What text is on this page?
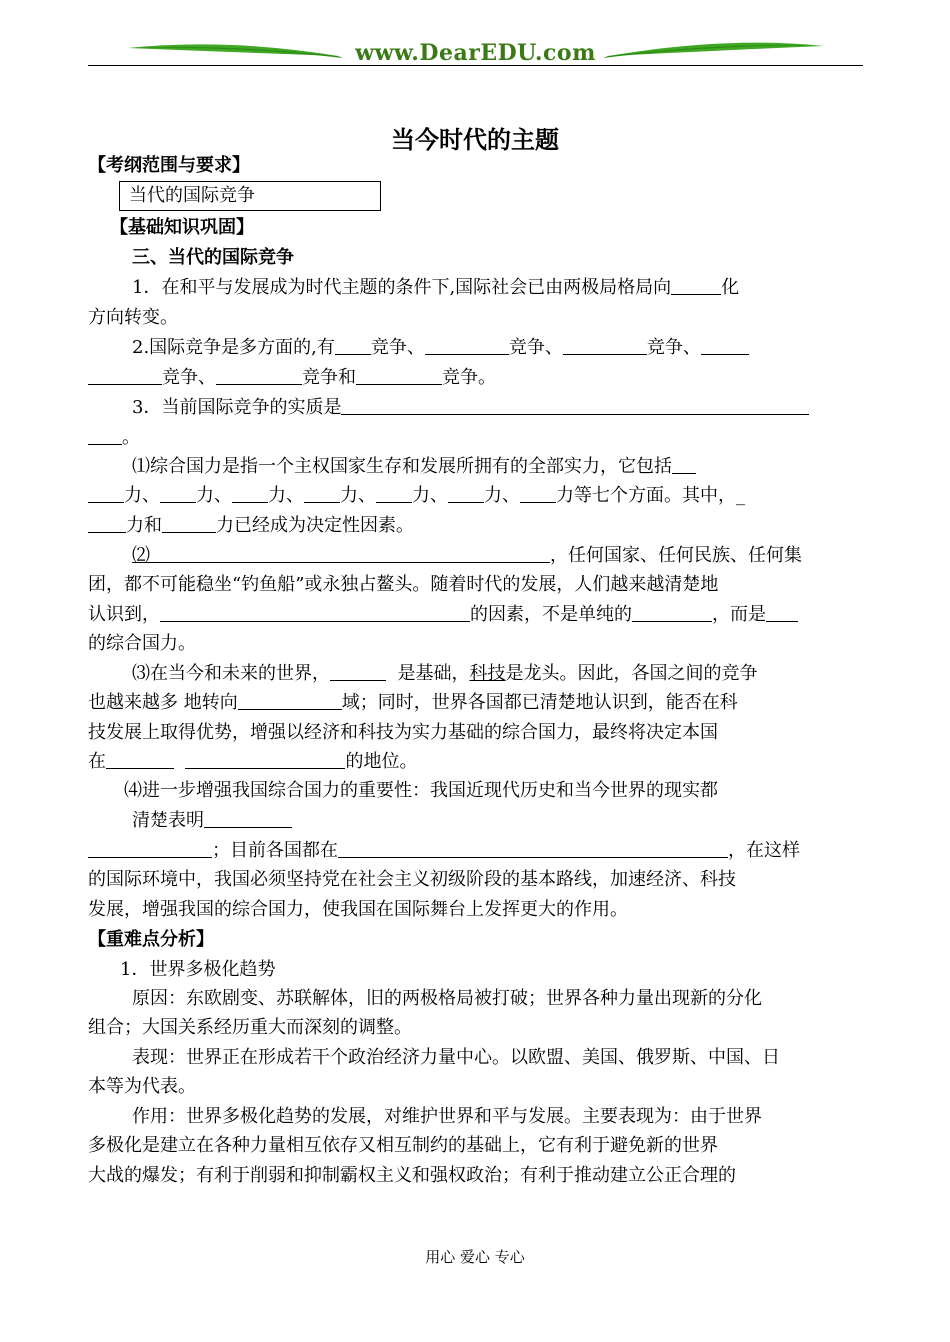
www.DearEDU.com
当今时代的主题
【考纲范围与要求】
当代的国际竞争
【基础知识巩固】
三、当代的国际竞争
1．在和平与发展成为时代主题的条件下,国际社会已由两极局格局向	化
方向转变。
2.国际竞争是多方面的,有 竞争、	竞争、	竞争、
竞争、	竞争和	竞争。
3．当前国际竞争的实质是
。
⑴综合国力是指一个主权国家生存和发展所拥有的全部实力，它包括
力、 力、 力、 力、 力、 力、 力等七个方面。其中，_
力和	力已经成为决定性因素。
⑵	，任何国家、任何民族、任何集
团，都不可能稳坐“钓鱼船”或永独占鳌头。随着时代的发展，人们越来越清楚地
认识到，	的因素，不是单纯的	，而是
的综合国力。
⑶在当今和未来的世界，	是基础，科技是龙头。因此，各国之间的竞争
也越来越多 地转向	域；同时，世界各国都已清楚地认识到，能否在科
技发展上取得优势，增强以经济和科技为实力基础的综合国力，最终将决定本国
在	的地位。
⑷进一步增强我国综合国力的重要性：我国近现代历史和当今世界的现实都
清楚表明
；目前各国都在	，在这样
的国际环境中，我国必须坚持党在社会主义初级阶段的基本路线，加速经济、科技
发展，增强我国的综合国力，使我国在国际舞台上发挥更大的作用。
【重难点分析】
1．世界多极化趋势
原因：东欧剧变、苏联解体，旧的两极格局被打破；世界各种力量出现新的分化
组合；大国关系经历重大而深刻的调整。
表现：世界正在形成若干个政治经济力量中心。以欧盟、美国、俄罗斯、中国、日
本等为代表。
作用：世界多极化趋势的发展，对维护世界和平与发展。主要表现为：由于世界
多极化是建立在各种力量相互依存又相互制约的基础上，它有利于避免新的世界
大战的爆发；有利于削弱和抑制霸权主义和强权政治；有利于推动建立公正合理的
用心 爱心 专心
